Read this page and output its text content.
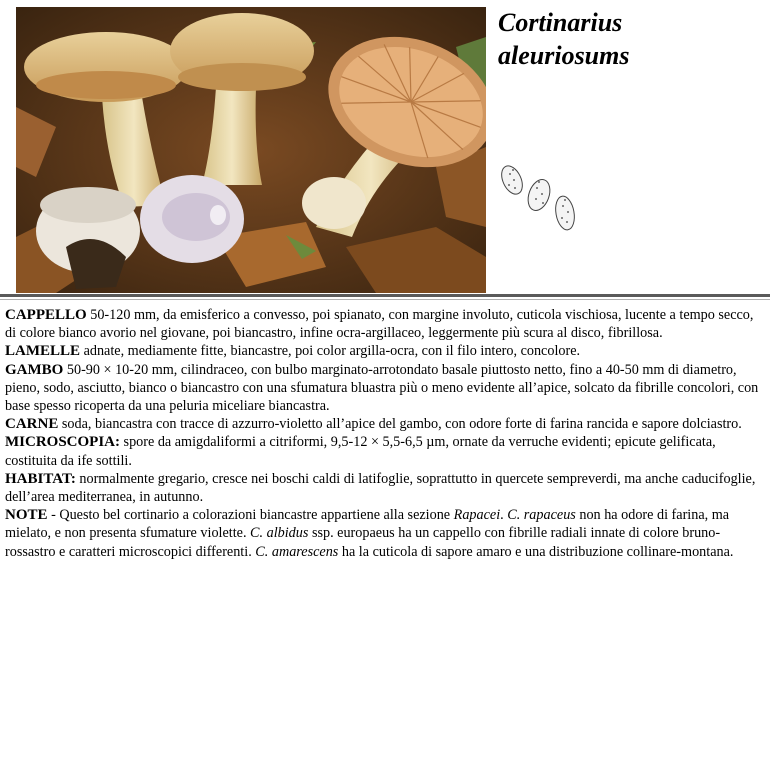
Cortinarius
aleuriosums

CAPPELLO 50-120 mm, da emisferico a convesso, poi spianato, con margine involuto, cuticola vischiosa, lucente a tempo secco, di colore bianco avorio nel giovane, poi biancastro, infine ocra-argillaceo, leggermente più scura al disco, fibrillosa.

LAMELLE adnate, mediamente fitte, biancastre, poi color argilla-ocra, con il filo intero, concolore.

GAMBO 50-90 × 10-20 mm, cilindraceo, con bulbo marginato-arrotondato basale piuttosto netto, fino a 40-50 mm di diametro, pieno, sodo, asciutto, bianco o biancastro con una sfumatura bluastra più o meno evidente all’apice, solcato da fibrille concolori, con base spesso ricoperta da una peluria miceliare biancastra.

CARNE soda, biancastra con tracce di azzurro-violetto all’apice del gambo, con odore forte di farina rancida e sapore dolciastro.

MICROSCOPIA: spore da amigdaliformi a citriformi, 9,5-12 × 5,5-6,5 µm, ornate da verruche evidenti; epicute gelificata, costituita da ife sottili.

HABITAT: normalmente gregario, cresce nei boschi caldi di latifoglie, soprattutto in quercete sempreverdi, ma anche caducifoglie, dell’area mediterranea, in autunno.

NOTE - Questo bel cortinario a colorazioni biancastre appartiene alla sezione Rapacei. C. rapaceus non ha odore di farina, ma mielato, e non presenta sfumature violette. C. albidus ssp. europaeus ha un cappello con fibrille radiali innate di colore bruno-rossastro e caratteri microscopici differenti. C. amarescens ha la cuticola di sapore amaro e una distribuzione collinare-montana.
